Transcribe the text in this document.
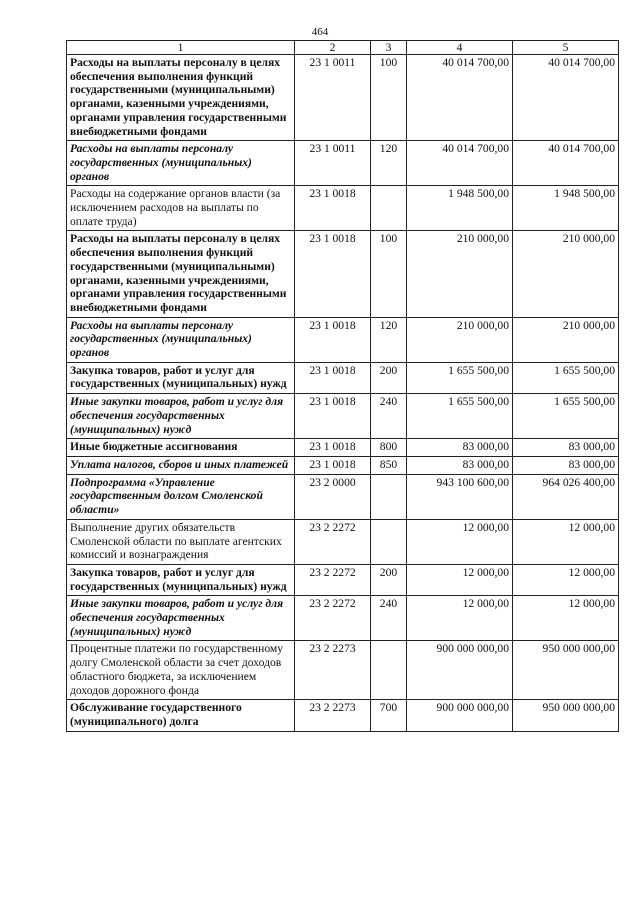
464
1	2	3	4	5
Расходы на выплаты персоналу в целях обеспечения выполнения функций государственными (муниципальными) органами, казенными учреждениями, органами управления государственными внебюджетными фондами	23 1 0011	100	40 014 700,00	40 014 700,00
Расходы на выплаты персоналу государственных (муниципальных) органов	23 1 0011	120	40 014 700,00	40 014 700,00
Расходы на содержание органов власти (за исключением расходов на выплаты по оплате труда)	23 1 0018		1 948 500,00	1 948 500,00
Расходы на выплаты персоналу в целях обеспечения выполнения функций государственными (муниципальными) органами, казенными учреждениями, органами управления государственными внебюджетными фондами	23 1 0018	100	210 000,00	210 000,00
Расходы на выплаты персоналу государственных (муниципальных) органов	23 1 0018	120	210 000,00	210 000,00
Закупка товаров, работ и услуг для государственных (муниципальных) нужд	23 1 0018	200	1 655 500,00	1 655 500,00
Иные закупки товаров, работ и услуг для обеспечения государственных (муниципальных) нужд	23 1 0018	240	1 655 500,00	1 655 500,00
Иные бюджетные ассигнования	23 1 0018	800	83 000,00	83 000,00
Уплата налогов, сборов и иных платежей	23 1 0018	850	83 000,00	83 000,00
Подпрограмма «Управление государственным долгом Смоленской области»	23 2 0000		943 100 600,00	964 026 400,00
Выполнение других обязательств Смоленской области по выплате агентских комиссий и вознаграждения	23 2 2272		12 000,00	12 000,00
Закупка товаров, работ и услуг для государственных (муниципальных) нужд	23 2 2272	200	12 000,00	12 000,00
Иные закупки товаров, работ и услуг для обеспечения государственных (муниципальных) нужд	23 2 2272	240	12 000,00	12 000,00
Процентные платежи по государственному долгу Смоленской области за счет доходов областного бюджета, за исключением доходов дорожного фонда	23 2 2273		900 000 000,00	950 000 000,00
Обслуживание государственного (муниципального) долга	23 2 2273	700	900 000 000,00	950 000 000,00
